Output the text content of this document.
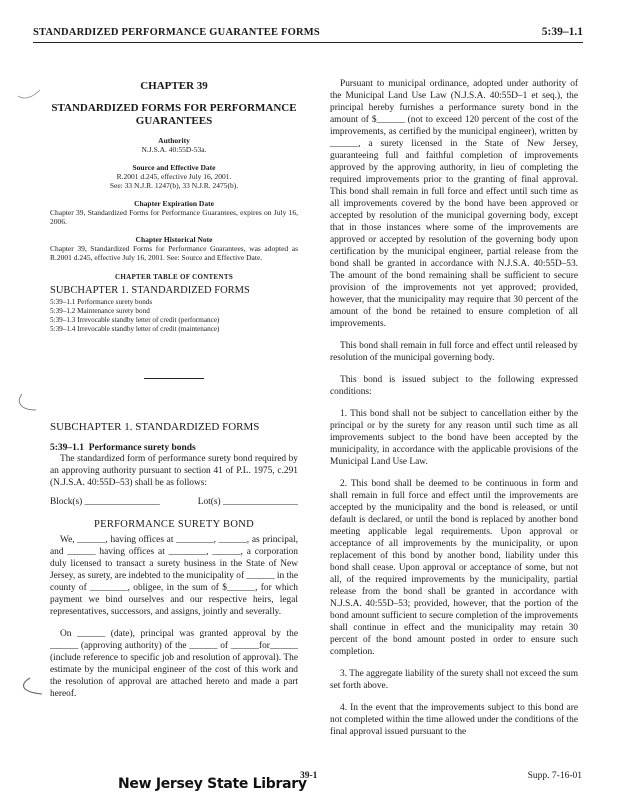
STANDARDIZED PERFORMANCE GUARANTEE FORMS	5:39–1.1
CHAPTER 39
STANDARDIZED FORMS FOR PERFORMANCE GUARANTEES
Authority
N.J.S.A. 40:55D-53a.
Source and Effective Date
R.2001 d.245, effective July 16, 2001.
See: 33 N.J.R. 1247(b), 33 N.J.R. 2475(b).
Chapter Expiration Date
Chapter 39, Standardized Forms for Performance Guarantees, expires on July 16, 2006.
Chapter Historical Note
Chapter 39, Standardized Forms for Performance Guarantees, was adopted as R.2001 d.245, effective July 16, 2001. See: Source and Effective Date.
CHAPTER TABLE OF CONTENTS
SUBCHAPTER 1. STANDARDIZED FORMS
5:39–1.1 Performance surety bonds
5:39–1.2 Maintenance surety bond
5:39–1.3 Irrevocable standby letter of credit (performance)
5:39–1.4 Irrevocable standby letter of credit (maintenance)
SUBCHAPTER 1. STANDARDIZED FORMS
5:39–1.1 Performance surety bonds
The standardized form of performance surety bond required by an approving authority pursuant to section 41 of P.L. 1975, c.291 (N.J.S.A. 40:55D–53) shall be as follows:
Block(s) ________________	Lot(s) ________________
PERFORMANCE SURETY BOND
We, ______, having offices at ________, ______, as principal, and ______ having offices at ________, ______, a corporation duly licensed to transact a surety business in the State of New Jersey, as surety, are indebted to the municipality of ______ in the county of ________, obligee, in the sum of $______, for which payment we bind ourselves and our respective heirs, legal representatives, successors, and assigns, jointly and severally.
On ______ (date), principal was granted approval by the ______ (approving authority) of the ______ of ______for______ (include reference to specific job and resolution of approval). The estimate by the municipal engineer of the cost of this work and the resolution of approval are attached hereto and made a part hereof.
Pursuant to municipal ordinance, adopted under authority of the Municipal Land Use Law (N.J.S.A. 40:55D–1 et seq.), the principal hereby furnishes a performance surety bond in the amount of $______ (not to exceed 120 percent of the cost of the improvements, as certified by the municipal engineer), written by ______, a surety licensed in the State of New Jersey, guaranteeing full and faithful completion of improvements approved by the approving authority, in lieu of completing the required improvements prior to the granting of final approval. This bond shall remain in full force and effect until such time as all improvements covered by the bond have been approved or accepted by resolution of the municipal governing body, except that in those instances where some of the improvements are approved or accepted by resolution of the governing body upon certification by the municipal engineer, partial release from the bond shall be granted in accordance with N.J.S.A. 40:55D–53. The amount of the bond remaining shall be sufficient to secure provision of the improvements not yet approved; provided, however, that the municipality may require that 30 percent of the amount of the bond be retained to ensure completion of all improvements.
This bond shall remain in full force and effect until released by resolution of the municipal governing body.
This bond is issued subject to the following expressed conditions:
1. This bond shall not be subject to cancellation either by the principal or by the surety for any reason until such time as all improvements subject to the bond have been accepted by the municipality, in accordance with the applicable provisions of the Municipal Land Use Law.
2. This bond shall be deemed to be continuous in form and shall remain in full force and effect until the improvements are accepted by the municipality and the bond is released, or until default is declared, or until the bond is replaced by another bond meeting applicable legal requirements. Upon approval or acceptance of all improvements by the municipality, or upon replacement of this bond by another bond, liability under this bond shall cease. Upon approval or acceptance of some, but not all, of the required improvements by the municipality, partial release from the bond shall be granted in accordance with N.J.S.A. 40:55D–53; provided, however, that the portion of the bond amount sufficient to secure completion of the improvements shall continue in effect and the municipality may retain 30 percent of the bond amount posted in order to ensure such completion.
3. The aggregate liability of the surety shall not exceed the sum set forth above.
4. In the event that the improvements subject to this bond are not completed within the time allowed under the conditions of the final approval issued pursuant to the
New Jersey State Library
39-1	Supp. 7-16-01
